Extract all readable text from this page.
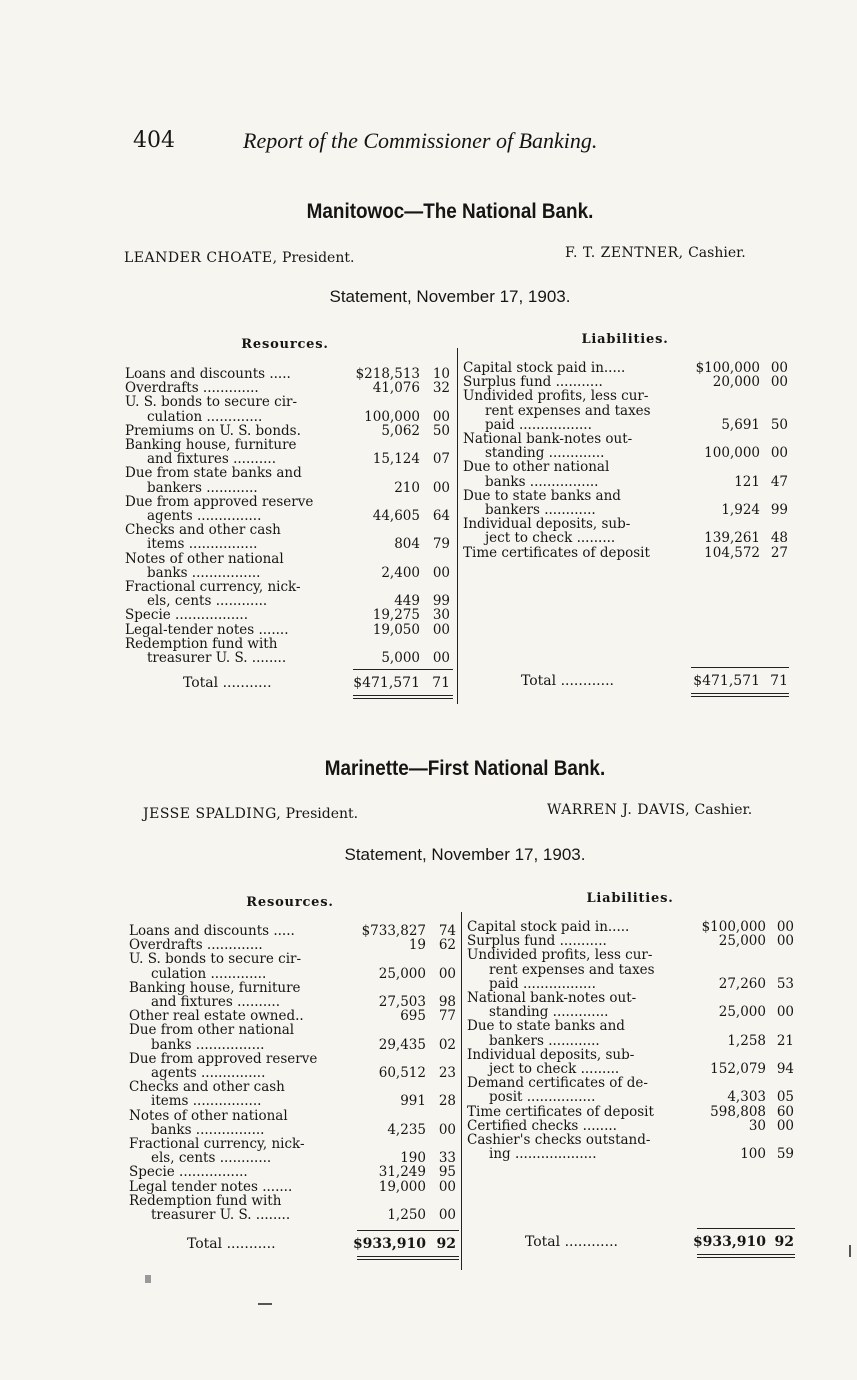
404	Report of the Commissioner of Banking.
Manitowoc—The National Bank.
LEANDER CHOATE, President.	F. T. ZENTNER, Cashier.
Statement, November 17, 1903.
Resources.	Liabilities.
Loans and discounts .....	$218,513 10
Overdrafts .............	41,076 32
U. S. bonds to secure cir-
culation .............	100,000 00
Premiums on U. S. bonds.	5,062 50
Banking house, furniture
and fixtures ..........	15,124 07
Due from state banks and
bankers ............	210 00
Due from approved reserve
agents ...............	44,605 64
Checks and other cash
items ................	804 79
Notes of other national
banks ................	2,400 00
Fractional currency, nick-
els, cents ............	449 99
Specie .................	19,275 30
Legal-tender notes .......	19,050 00
Redemption fund with
treasurer U. S. ........	5,000 00
Total ...........	$471,571 71
Capital stock paid in.....	$100,000 00
Surplus fund ...........	20,000 00
Undivided profits, less cur-
rent expenses and taxes
paid .................	5,691 50
National bank-notes out-
standing .............	100,000 00
Due to other national
banks ................	121 47
Due to state banks and
bankers ............	1,924 99
Individual deposits, sub-
ject to check .........	139,261 48
Time certificates of deposit	104,572 27
Total ............	$471,571 71
Marinette—First National Bank.
JESSE SPALDING, President.	WARREN J. DAVIS, Cashier.
Statement, November 17, 1903.
Resources.	Liabilities.
Loans and discounts .....	$733,827 74
Overdrafts .............	19 62
U. S. bonds to secure cir-
culation .............	25,000 00
Banking house, furniture
and fixtures ..........	27,503 98
Other real estate owned..	695 77
Due from other national
banks ................	29,435 02
Due from approved reserve
agents ...............	60,512 23
Checks and other cash
items ................	991 28
Notes of other national
banks ................	4,235 00
Fractional currency, nick-
els, cents ............	190 33
Specie ................	31,249 95
Legal tender notes .......	19,000 00
Redemption fund with
treasurer U. S. ........	1,250 00
Total ...........	$933,910 92
Capital stock paid in.....	$100,000 00
Surplus fund ...........	25,000 00
Undivided profits, less cur-
rent expenses and taxes
paid .................	27,260 53
National bank-notes out-
standing .............	25,000 00
Due to state banks and
bankers ............	1,258 21
Individual deposits, sub-
ject to check .........	152,079 94
Demand certificates of de-
posit ................	4,303 05
Time certificates of deposit	598,808 60
Certified checks ........	30 00
Cashier's checks outstand-
ing ...................	100 59
Total ............	$933,910 92
